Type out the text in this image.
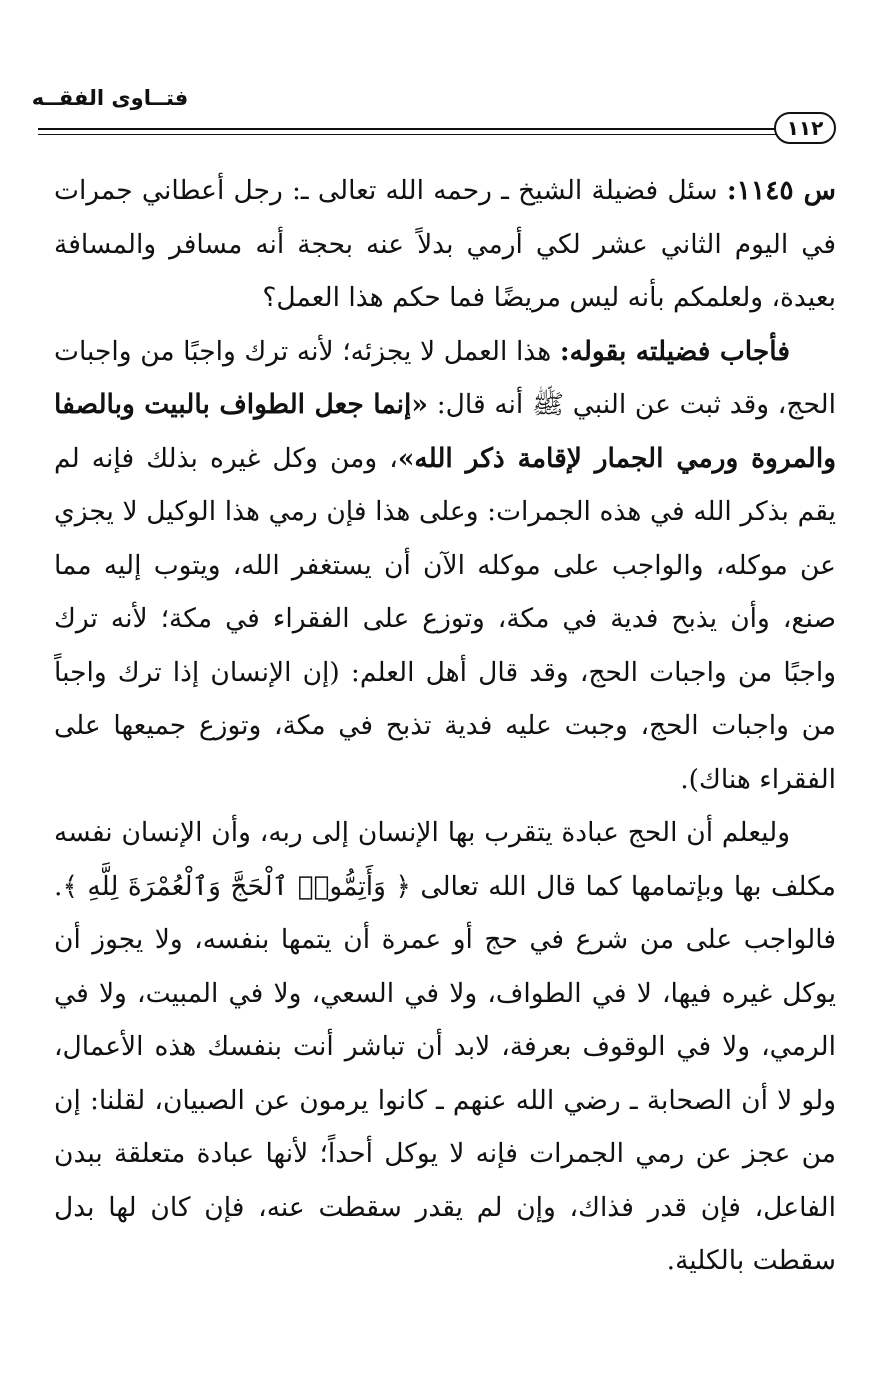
فتــاوى الفقــه
١١٢

س ١١٤٥: سئل فضيلة الشيخ ـ رحمه الله تعالى ـ: رجل أعطاني جمرات في اليوم الثاني عشر لكي أرمي بدلاً عنه بحجة أنه مسافر والمسافة بعيدة، ولعلمكم بأنه ليس مريضًا فما حكم هذا العمل؟

فأجاب فضيلته بقوله: هذا العمل لا يجزئه؛ لأنه ترك واجبًا من واجبات الحج، وقد ثبت عن النبي ﷺ أنه قال: «إنما جعل الطواف بالبيت وبالصفا والمروة ورمي الجمار لإقامة ذكر الله»، ومن وكل غيره بذلك فإنه لم يقم بذكر الله في هذه الجمرات: وعلى هذا فإن رمي هذا الوكيل لا يجزي عن موكله، والواجب على موكله الآن أن يستغفر الله، ويتوب إليه مما صنع، وأن يذبح فدية في مكة، وتوزع على الفقراء في مكة؛ لأنه ترك واجبًا من واجبات الحج، وقد قال أهل العلم: (إن الإنسان إذا ترك واجباً من واجبات الحج، وجبت عليه فدية تذبح في مكة، وتوزع جميعها على الفقراء هناك).

وليعلم أن الحج عبادة يتقرب بها الإنسان إلى ربه، وأن الإنسان نفسه مكلف بها وبإتمامها كما قال الله تعالى ﴿ وَأَتِمُّوا۟ ٱلْحَجَّ وَٱلْعُمْرَةَ لِلَّهِ ﴾. فالواجب على من شرع في حج أو عمرة أن يتمها بنفسه، ولا يجوز أن يوكل غيره فيها، لا في الطواف، ولا في السعي، ولا في المبيت، ولا في الرمي، ولا في الوقوف بعرفة، لابد أن تباشر أنت بنفسك هذه الأعمال، ولو لا أن الصحابة ـ رضي الله عنهم ـ كانوا يرمون عن الصبيان، لقلنا: إن من عجز عن رمي الجمرات فإنه لا يوكل أحداً؛ لأنها عبادة متعلقة ببدن الفاعل، فإن قدر فذاك، وإن لم يقدر سقطت عنه، فإن كان لها بدل سقطت بالكلية.
